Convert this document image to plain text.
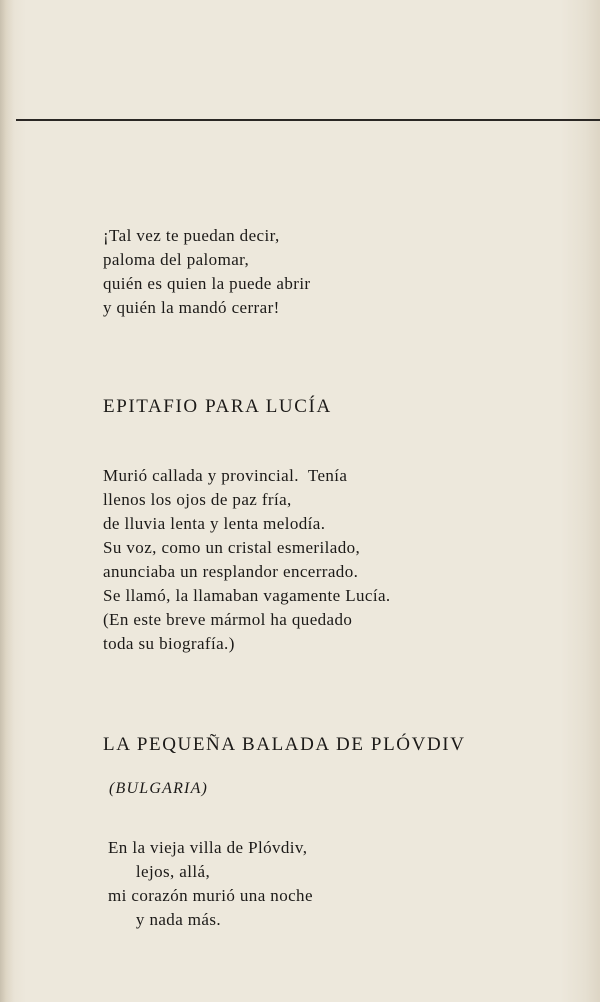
¡Tal vez te puedan decir,
paloma del palomar,
quién es quien la puede abrir
y quién la mandó cerrar!
EPITAFIO PARA LUCÍA
Murió callada y provincial.  Tenía
llenos los ojos de paz fría,
de lluvia lenta y lenta melodía.
Su voz, como un cristal esmerilado,
anunciaba un resplandor encerrado.
Se llamó, la llamaban vagamente Lucía.
(En este breve mármol ha quedado
toda su biografía.)
LA PEQUEÑA BALADA DE PLÓVDIV

(BULGARIA)

En la vieja villa de Plóvdiv,
lejos, allá,
mi corazón murió una noche
y nada más.
